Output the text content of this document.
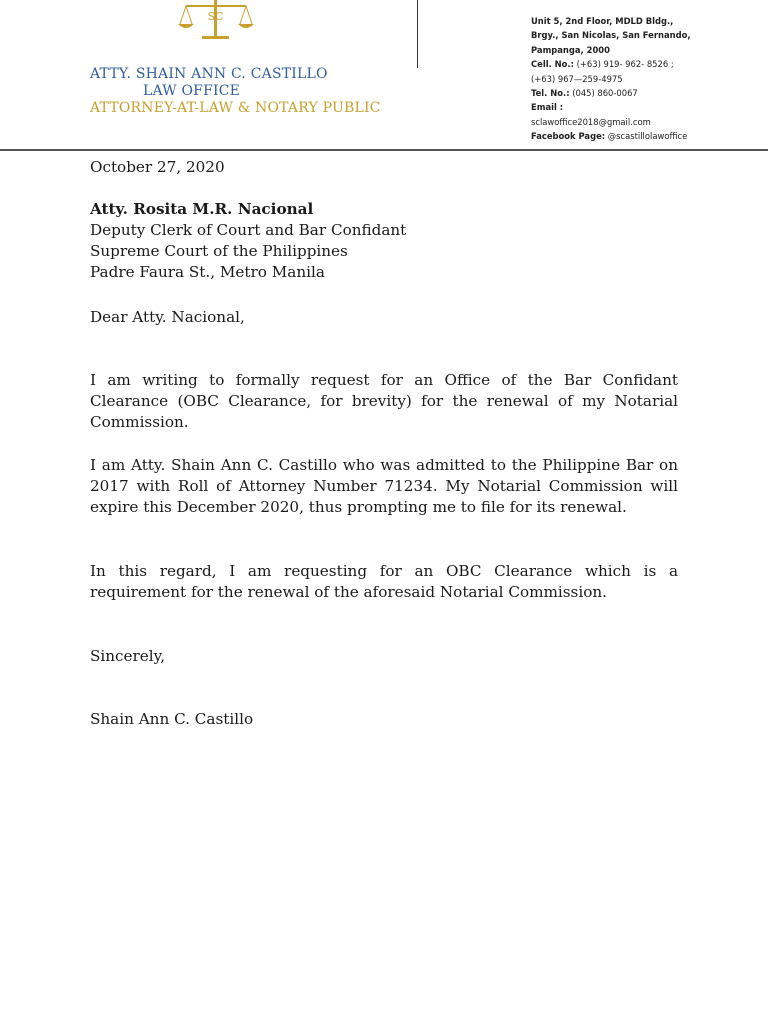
SC
ATTY. SHAIN ANN C. CASTILLO
LAW OFFICE
ATTORNEY-AT-LAW & NOTARY PUBLIC
Unit 5, 2nd Floor, MDLD Bldg.,
Brgy., San Nicolas, San Fernando,
Pampanga, 2000
Cell. No.: (+63) 919- 962- 8526 ;
(+63) 967—259-4975
Tel. No.: (045) 860-0067
Email :
sclawoffice2018@gmail.com
Facebook Page: @scastillolawoffice
October 27, 2020
Atty. Rosita M.R. Nacional
Deputy Clerk of Court and Bar Confidant
Supreme Court of the Philippines
Padre Faura St., Metro Manila
Dear Atty. Nacional,
I am writing to formally request for an Office of the Bar Confidant Clearance (OBC Clearance, for brevity) for the renewal of my Notarial Commission.
I am Atty. Shain Ann C. Castillo who was admitted to the Philippine Bar on 2017 with Roll of Attorney Number 71234. My Notarial Commission will expire this December 2020, thus prompting me to file for its renewal.
In this regard, I am requesting for an OBC Clearance which is a requirement for the renewal of the aforesaid Notarial Commission.
Sincerely,
Shain Ann C. Castillo
